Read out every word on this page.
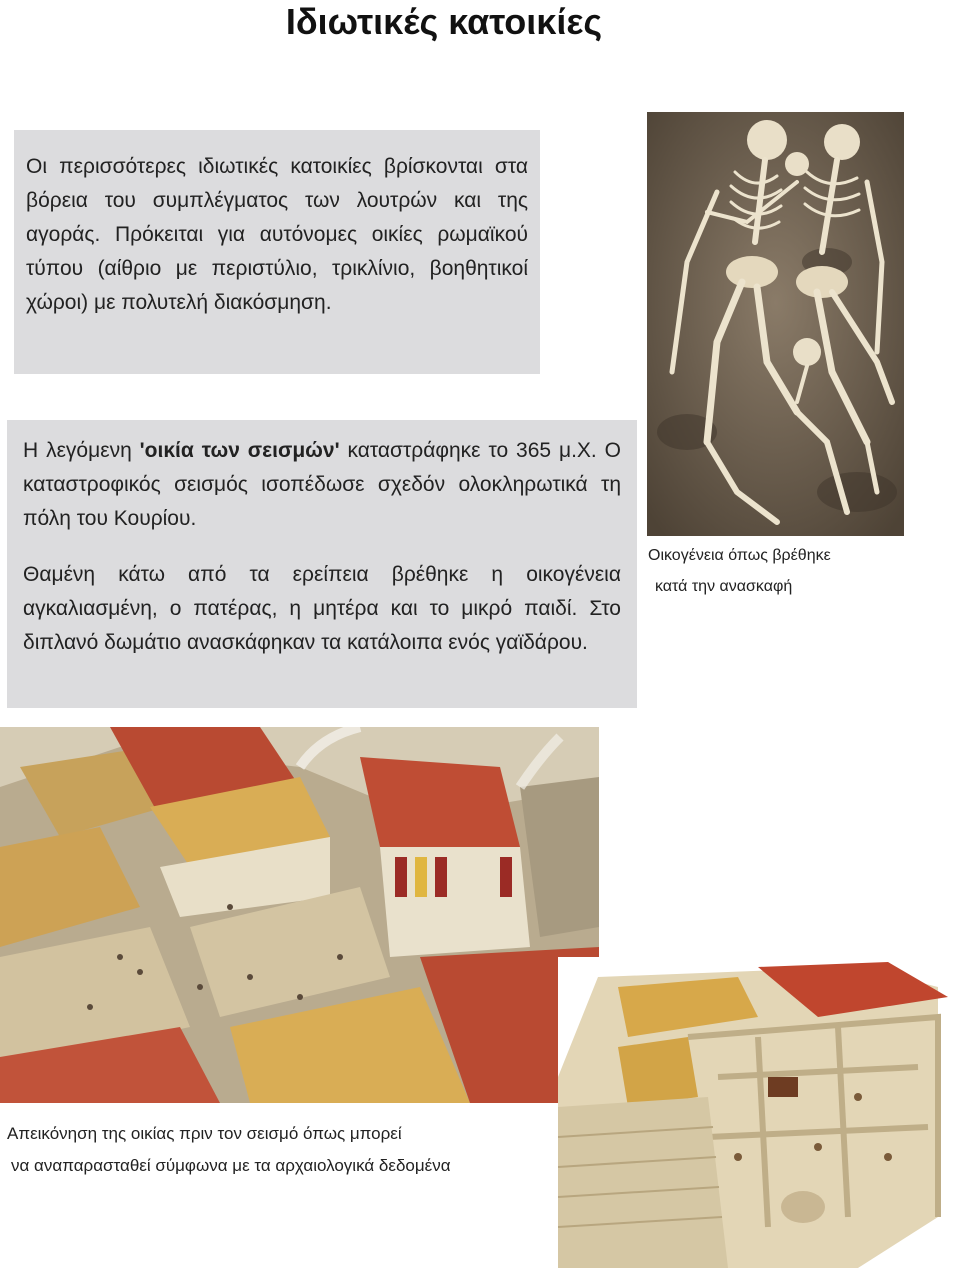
Ιδιωτικές κατοικίες

Οι περισσότερες ιδιωτικές κατοικίες βρίσκονται στα βόρεια του συμπλέγματος των λουτρών και της αγοράς. Πρόκειται για αυτόνομες οικίες ρωμαϊκού τύπου (αίθριο με περιστύλιο, τρικλίνιο, βοηθητικοί χώροι) με πολυτελή διακόσμηση.

Η λεγόμενη 'οικία των σεισμών' καταστράφηκε το 365 μ.Χ. Ο καταστροφικός σεισμός ισοπέδωσε σχεδόν ολοκληρωτικά τη πόλη του Κουρίου.

Θαμένη κάτω από τα ερείπεια βρέθηκε η οικογένεια αγκαλιασμένη, ο πατέρας, η μητέρα και το μικρό παιδί. Στο διπλανό δωμάτιο ανασκάφηκαν τα κατάλοιπα ενός γαϊδάρου.

Οικογένεια όπως βρέθηκε
κατά την ανασκαφή
Απεικόνηση της οικίας πριν τον σεισμό όπως μπορεί
να αναπαρασταθεί σύμφωνα με τα αρχαιολογικά δεδομένα
